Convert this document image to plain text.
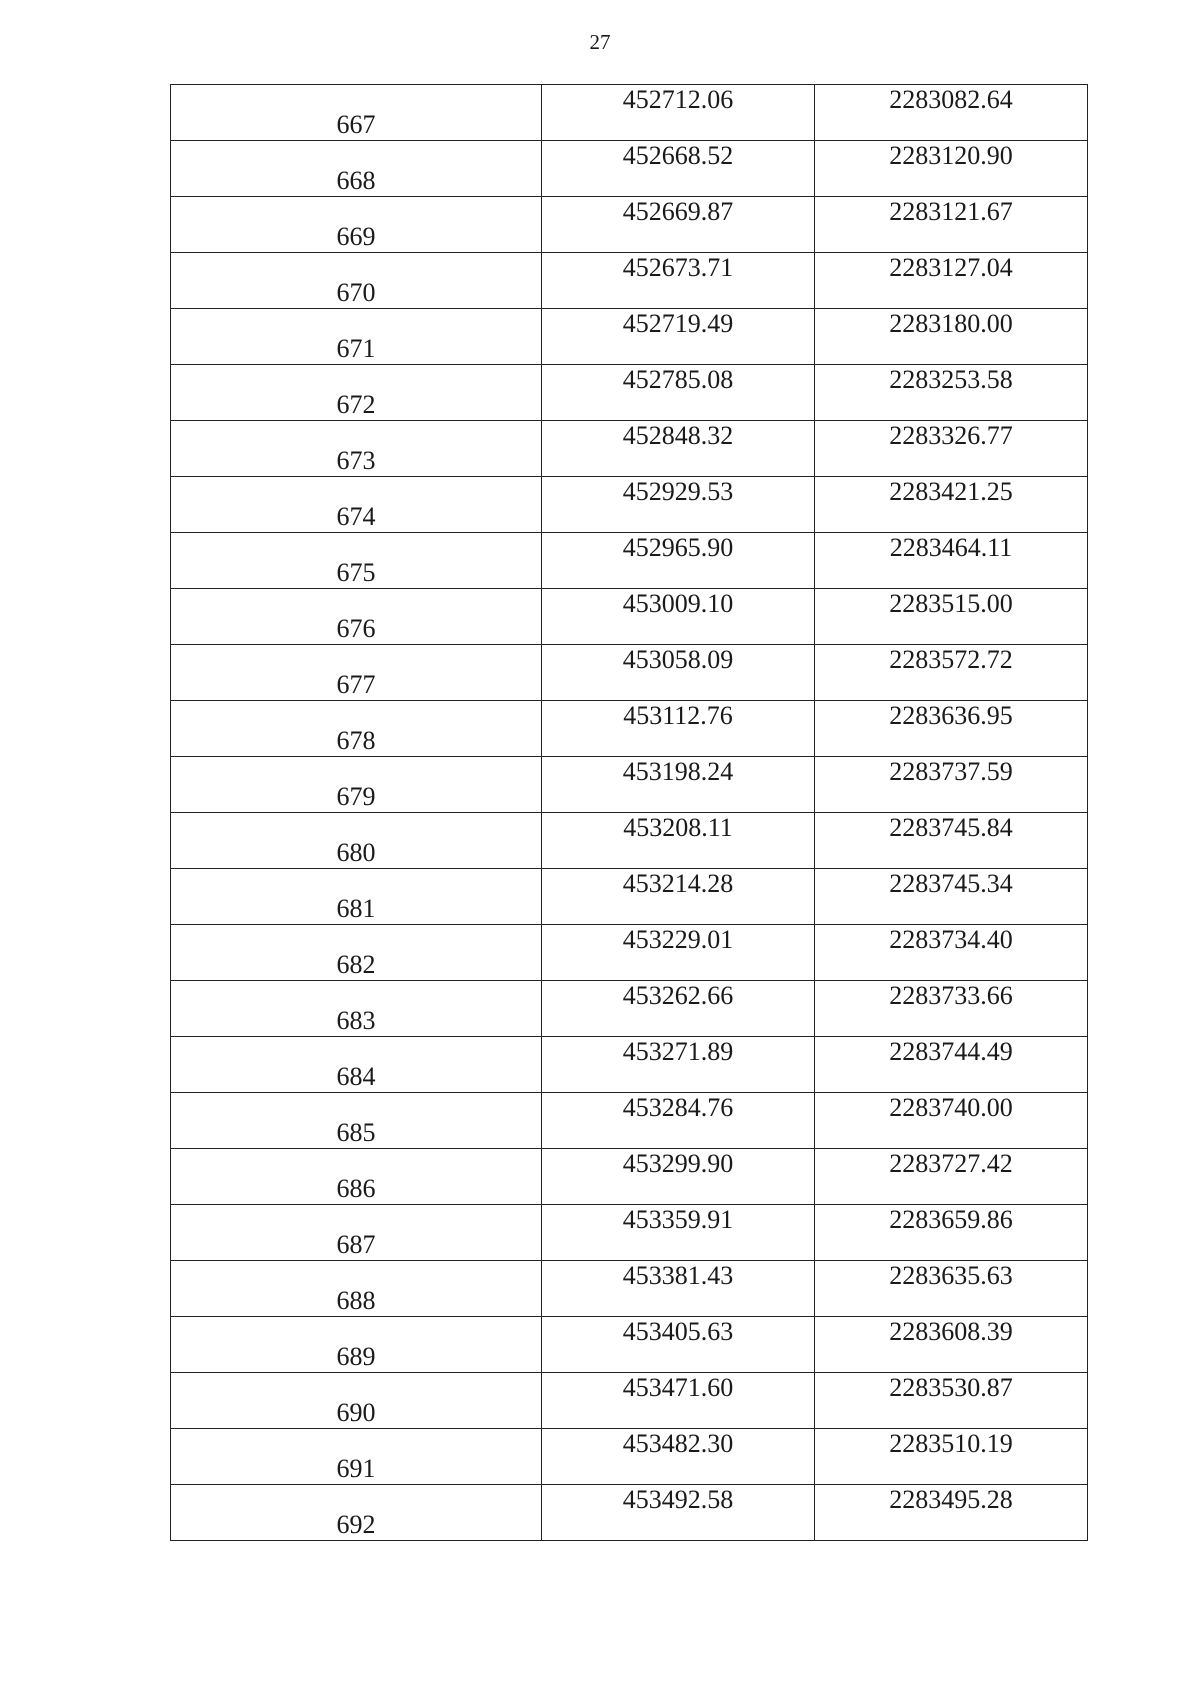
27
667	452712.06	2283082.64
668	452668.52	2283120.90
669	452669.87	2283121.67
670	452673.71	2283127.04
671	452719.49	2283180.00
672	452785.08	2283253.58
673	452848.32	2283326.77
674	452929.53	2283421.25
675	452965.90	2283464.11
676	453009.10	2283515.00
677	453058.09	2283572.72
678	453112.76	2283636.95
679	453198.24	2283737.59
680	453208.11	2283745.84
681	453214.28	2283745.34
682	453229.01	2283734.40
683	453262.66	2283733.66
684	453271.89	2283744.49
685	453284.76	2283740.00
686	453299.90	2283727.42
687	453359.91	2283659.86
688	453381.43	2283635.63
689	453405.63	2283608.39
690	453471.60	2283530.87
691	453482.30	2283510.19
692	453492.58	2283495.28
